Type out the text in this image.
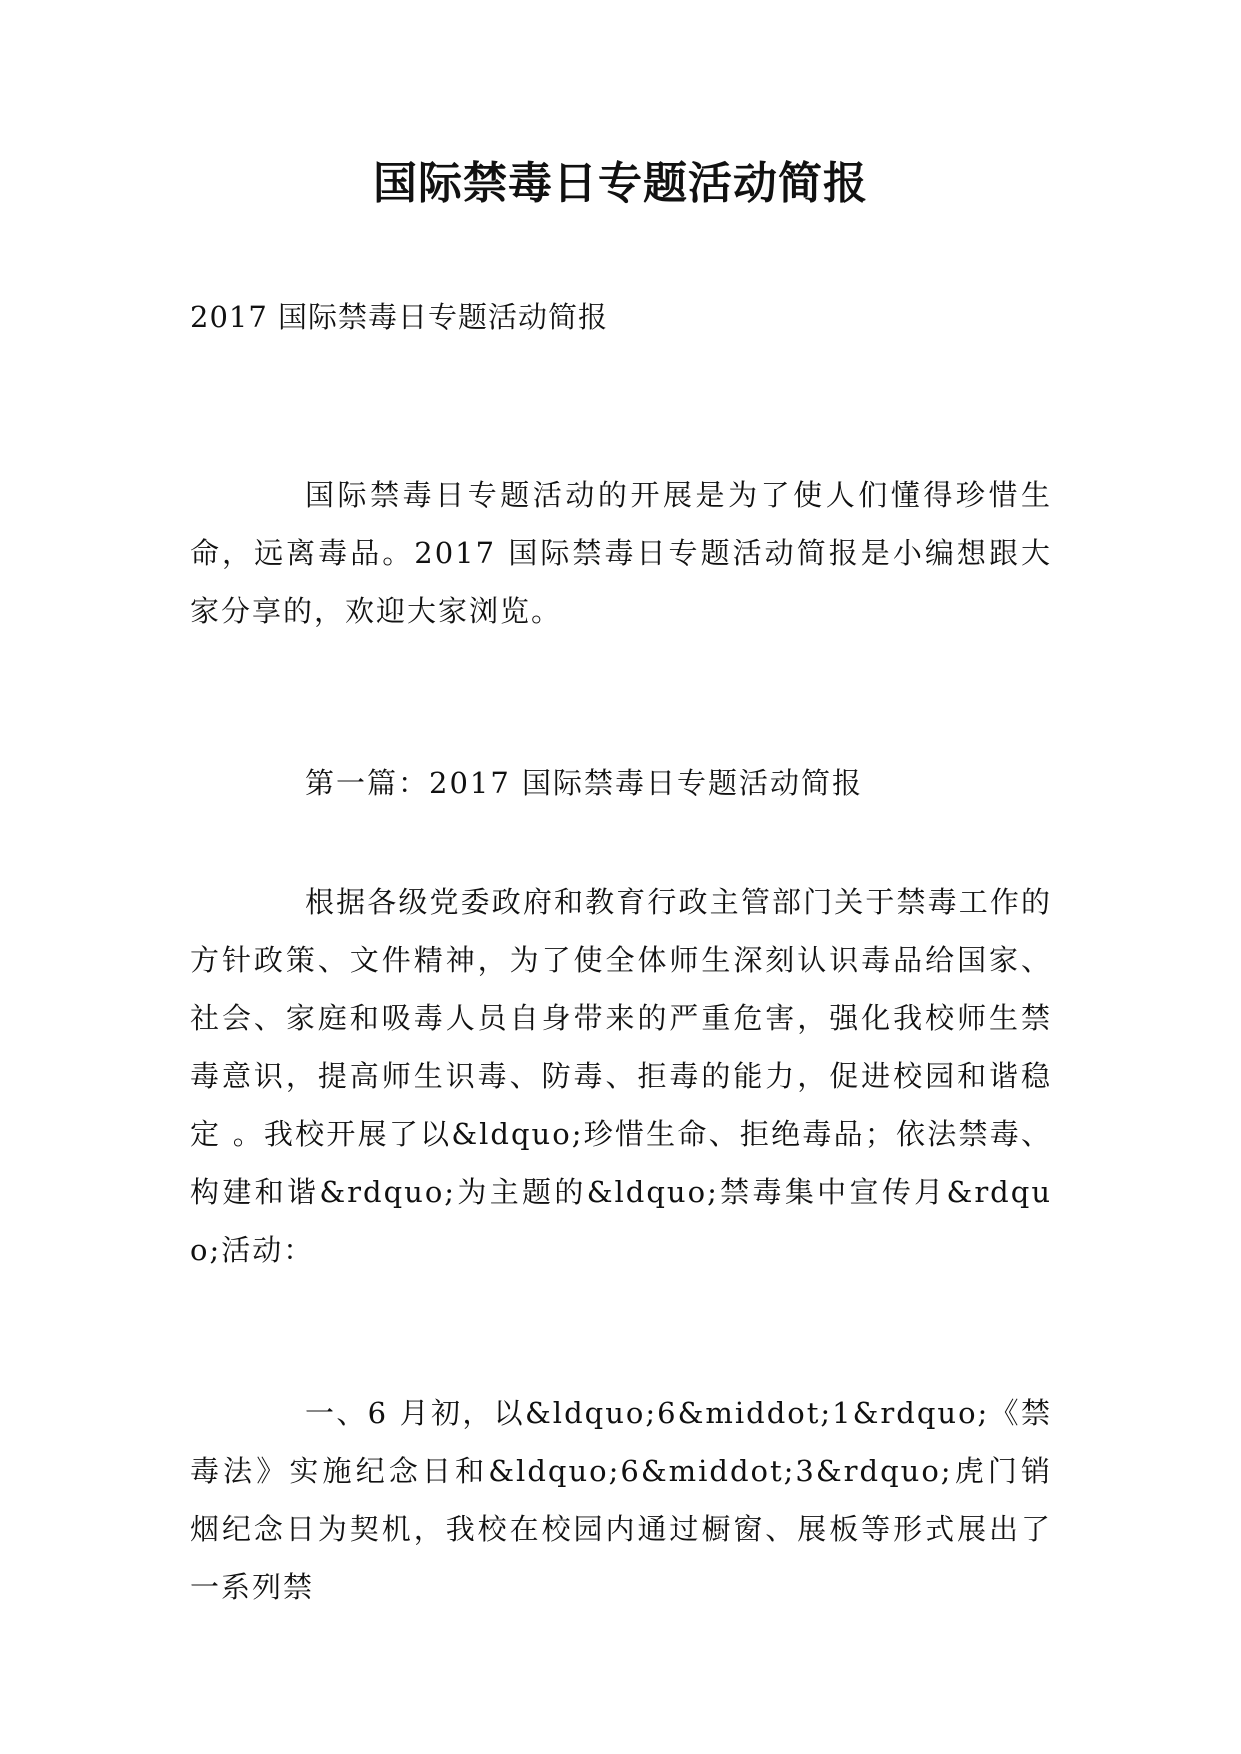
国际禁毒日专题活动简报

2017 国际禁毒日专题活动简报

国际禁毒日专题活动的开展是为了使人们懂得珍惜生命，远离毒品。2017 国际禁毒日专题活动简报是小编想跟大家分享的，欢迎大家浏览。

第一篇：2017 国际禁毒日专题活动简报

根据各级党委政府和教育行政主管部门关于禁毒工作的方针政策、文件精神，为了使全体师生深刻认识毒品给国家、社会、家庭和吸毒人员自身带来的严重危害，强化我校师生禁毒意识，提高师生识毒、防毒、拒毒的能力，促进校园和谐稳定 。我校开展了以&ldquo;珍惜生命、拒绝毒品；依法禁毒、构建和谐&rdquo;为主题的&ldquo;禁毒集中宣传月&rdquo;活动：

一、6 月初，以&ldquo;6&middot;1&rdquo;《禁毒法》实施纪念日和&ldquo;6&middot;3&rdquo;虎门销烟纪念日为契机，我校在校园内通过橱窗、展板等形式展出了一系列禁
